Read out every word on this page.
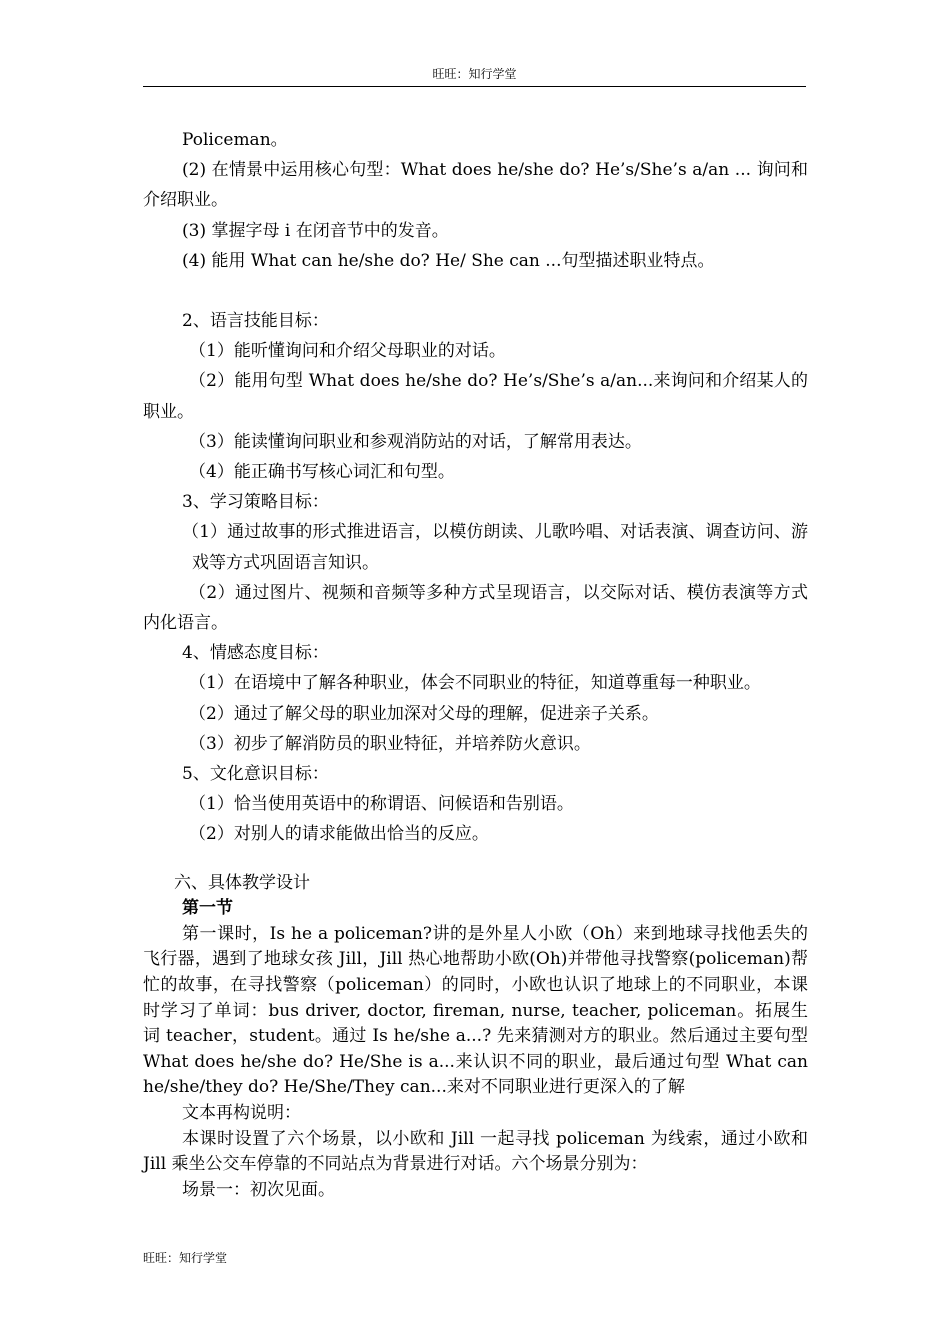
旺旺：知行学堂

Policeman。

(2) 在情景中运用核心句型：What does he/she do? He’s/She’s a/an ... 询问和介绍职业。

(3) 掌握字母 i 在闭音节中的发音。

(4) 能用 What can he/she do? He/ She can ...句型描述职业特点。

2、语言技能目标：

（1）能听懂询问和介绍父母职业的对话。

（2）能用句型 What does he/she do? He’s/She’s a/an...来询问和介绍某人的职业。

（3）能读懂询问职业和参观消防站的对话，了解常用表达。

（4）能正确书写核心词汇和句型。

3、学习策略目标：

（1）通过故事的形式推进语言，以模仿朗读、儿歌吟唱、对话表演、调查访问、游戏等方式巩固语言知识。

（2）通过图片、视频和音频等多种方式呈现语言，以交际对话、模仿表演等方式内化语言。

4、情感态度目标：

（1）在语境中了解各种职业，体会不同职业的特征，知道尊重每一种职业。

（2）通过了解父母的职业加深对父母的理解，促进亲子关系。

（3）初步了解消防员的职业特征，并培养防火意识。

5、文化意识目标：

（1）恰当使用英语中的称谓语、问候语和告别语。

（2）对别人的请求能做出恰当的反应。

六、具体教学设计

第一节

第一课时，Is he a policeman?讲的是外星人小欧（Oh）来到地球寻找他丢失的飞行器，遇到了地球女孩 Jill，Jill 热心地帮助小欧(Oh)并带他寻找警察(policeman)帮忙的故事，在寻找警察（policeman）的同时，小欧也认识了地球上的不同职业，本课时学习了单词：bus driver, doctor, fireman, nurse, teacher, policeman。拓展生词 teacher，student。通过 Is he/she a...? 先来猜测对方的职业。然后通过主要句型 What does he/she do? He/She is a...来认识不同的职业，最后通过句型 What can he/she/they do? He/She/They can...来对不同职业进行更深入的了解

文本再构说明：

本课时设置了六个场景，以小欧和 Jill 一起寻找 policeman 为线索，通过小欧和 Jill 乘坐公交车停靠的不同站点为背景进行对话。六个场景分别为：

场景一：初次见面。

旺旺：知行学堂
